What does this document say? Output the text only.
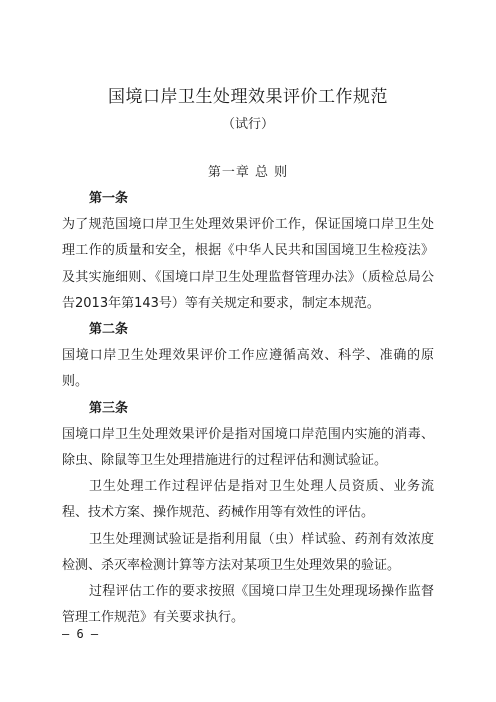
国境口岸卫生处理效果评价工作规范
（试行）
第一章 总 则
第一条

为了规范国境口岸卫生处理效果评价工作，保证国境口岸卫生处理工作的质量和安全，根据《中华人民共和国国境卫生检疫法》及其实施细则、《国境口岸卫生处理监督管理办法》（质检总局公告2013年第143号）等有关规定和要求，制定本规范。

第二条

国境口岸卫生处理效果评价工作应遵循高效、科学、准确的原则。

第三条

国境口岸卫生处理效果评价是指对国境口岸范围内实施的消毒、除虫、除鼠等卫生处理措施进行的过程评估和测试验证。

卫生处理工作过程评估是指对卫生处理人员资质、业务流程、技术方案、操作规范、药械作用等有效性的评估。

卫生处理测试验证是指利用鼠（虫）样试验、药剂有效浓度检测、杀灭率检测计算等方法对某项卫生处理效果的验证。

过程评估工作的要求按照《国境口岸卫生处理现场操作监督管理工作规范》有关要求执行。

— 6 —
